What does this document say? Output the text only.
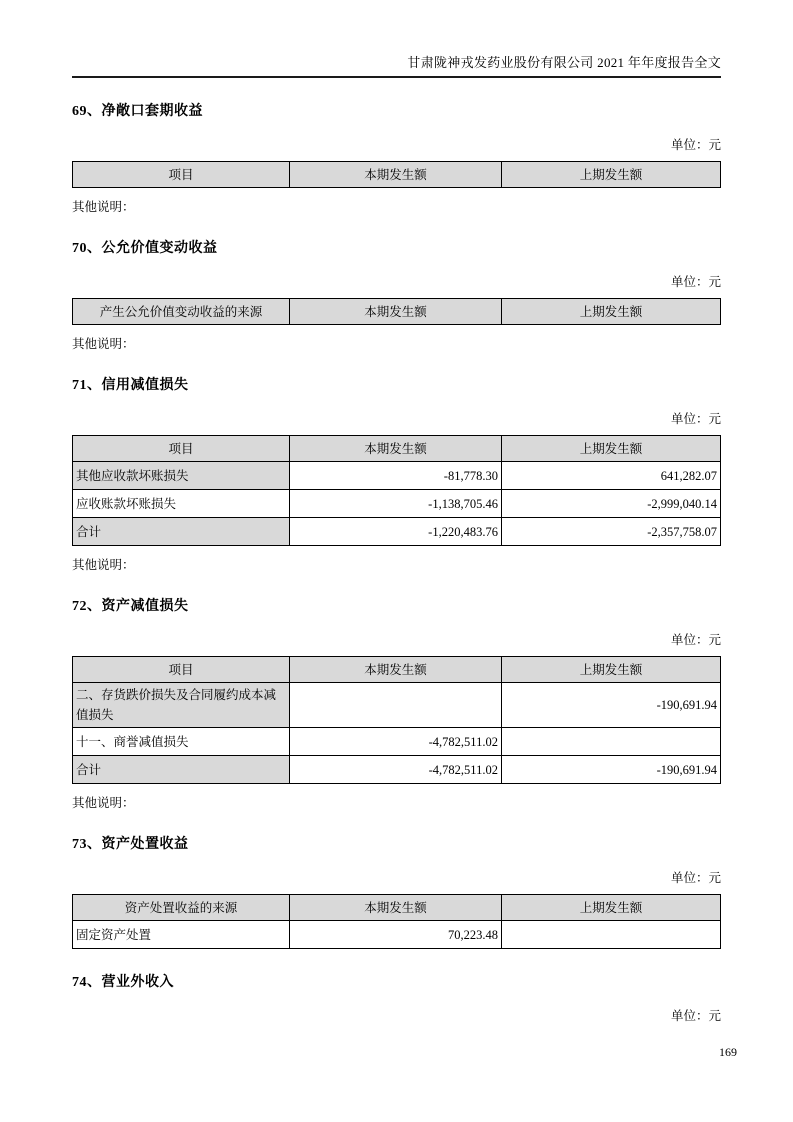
甘肃陇神戎发药业股份有限公司 2021 年年度报告全文
69、净敞口套期收益
单位：元
项目	本期发生额	上期发生额
其他说明：
70、公允价值变动收益
单位：元
产生公允价值变动收益的来源	本期发生额	上期发生额
其他说明：
71、信用减值损失
单位：元
项目	本期发生额	上期发生额
其他应收款坏账损失	-81,778.30	641,282.07
应收账款坏账损失	-1,138,705.46	-2,999,040.14
合计	-1,220,483.76	-2,357,758.07
其他说明：
72、资产减值损失
单位：元
项目	本期发生额	上期发生额
二、存货跌价损失及合同履约成本减值损失		-190,691.94
十一、商誉减值损失	-4,782,511.02	
合计	-4,782,511.02	-190,691.94
其他说明：
73、资产处置收益
单位：元
资产处置收益的来源	本期发生额	上期发生额
固定资产处置	70,223.48	
74、营业外收入
单位：元
169
